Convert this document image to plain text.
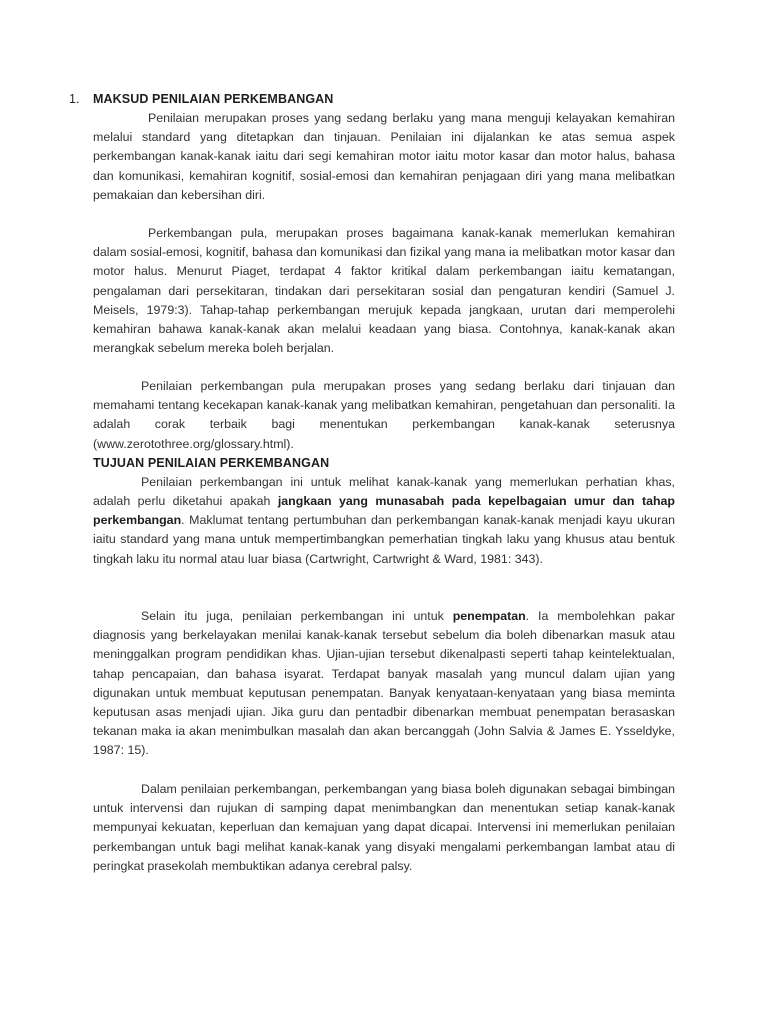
1. MAKSUD PENILAIAN PERKEMBANGAN

Penilaian merupakan proses yang sedang berlaku yang mana menguji kelayakan kemahiran melalui standard yang ditetapkan dan tinjauan. Penilaian ini dijalankan ke atas semua aspek perkembangan kanak-kanak iaitu dari segi kemahiran motor iaitu motor kasar dan motor halus, bahasa dan komunikasi, kemahiran kognitif, sosial-emosi dan kemahiran penjagaan diri yang mana melibatkan pemakaian dan kebersihan diri.

Perkembangan pula, merupakan proses bagaimana kanak-kanak memerlukan kemahiran dalam sosial-emosi, kognitif, bahasa dan komunikasi dan fizikal yang mana ia melibatkan motor kasar dan motor halus. Menurut Piaget, terdapat 4 faktor kritikal dalam perkembangan iaitu kematangan, pengalaman dari persekitaran, tindakan dari persekitaran sosial dan pengaturan kendiri (Samuel J. Meisels, 1979:3). Tahap-tahap perkembangan merujuk kepada jangkaan, urutan dari memperolehi kemahiran bahawa kanak-kanak akan melalui keadaan yang biasa. Contohnya, kanak-kanak akan merangkak sebelum mereka boleh berjalan.

Penilaian perkembangan pula merupakan proses yang sedang berlaku dari tinjauan dan memahami tentang kecekapan kanak-kanak yang melibatkan kemahiran, pengetahuan dan personaliti. Ia adalah corak terbaik bagi menentukan perkembangan kanak-kanak seterusnya (www.zerotothree.org/glossary.html).

TUJUAN PENILAIAN PERKEMBANGAN

Penilaian perkembangan ini untuk melihat kanak-kanak yang memerlukan perhatian khas, adalah perlu diketahui apakah jangkaan yang munasabah pada kepelbagaian umur dan tahap perkembangan. Maklumat tentang pertumbuhan dan perkembangan kanak-kanak menjadi kayu ukuran iaitu standard yang mana untuk mempertimbangkan pemerhatian tingkah laku yang khusus atau bentuk tingkah laku itu normal atau luar biasa (Cartwright, Cartwright & Ward, 1981: 343).

Selain itu juga, penilaian perkembangan ini untuk penempatan. Ia membolehkan pakar diagnosis yang berkelayakan menilai kanak-kanak tersebut sebelum dia boleh dibenarkan masuk atau meninggalkan program pendidikan khas. Ujian-ujian tersebut dikenalpasti seperti tahap keintelektualan, tahap pencapaian, dan bahasa isyarat. Terdapat banyak masalah yang muncul dalam ujian yang digunakan untuk membuat keputusan penempatan. Banyak kenyataan-kenyataan yang biasa meminta keputusan asas menjadi ujian. Jika guru dan pentadbir dibenarkan membuat penempatan berasaskan tekanan maka ia akan menimbulkan masalah dan akan bercanggah (John Salvia & James E. Ysseldyke, 1987: 15).

Dalam penilaian perkembangan, perkembangan yang biasa boleh digunakan sebagai bimbingan untuk intervensi dan rujukan di samping dapat menimbangkan dan menentukan setiap kanak-kanak mempunyai kekuatan, keperluan dan kemajuan yang dapat dicapai. Intervensi ini memerlukan penilaian perkembangan untuk bagi melihat kanak-kanak yang disyaki mengalami perkembangan lambat atau di peringkat prasekolah membuktikan adanya cerebral palsy.
